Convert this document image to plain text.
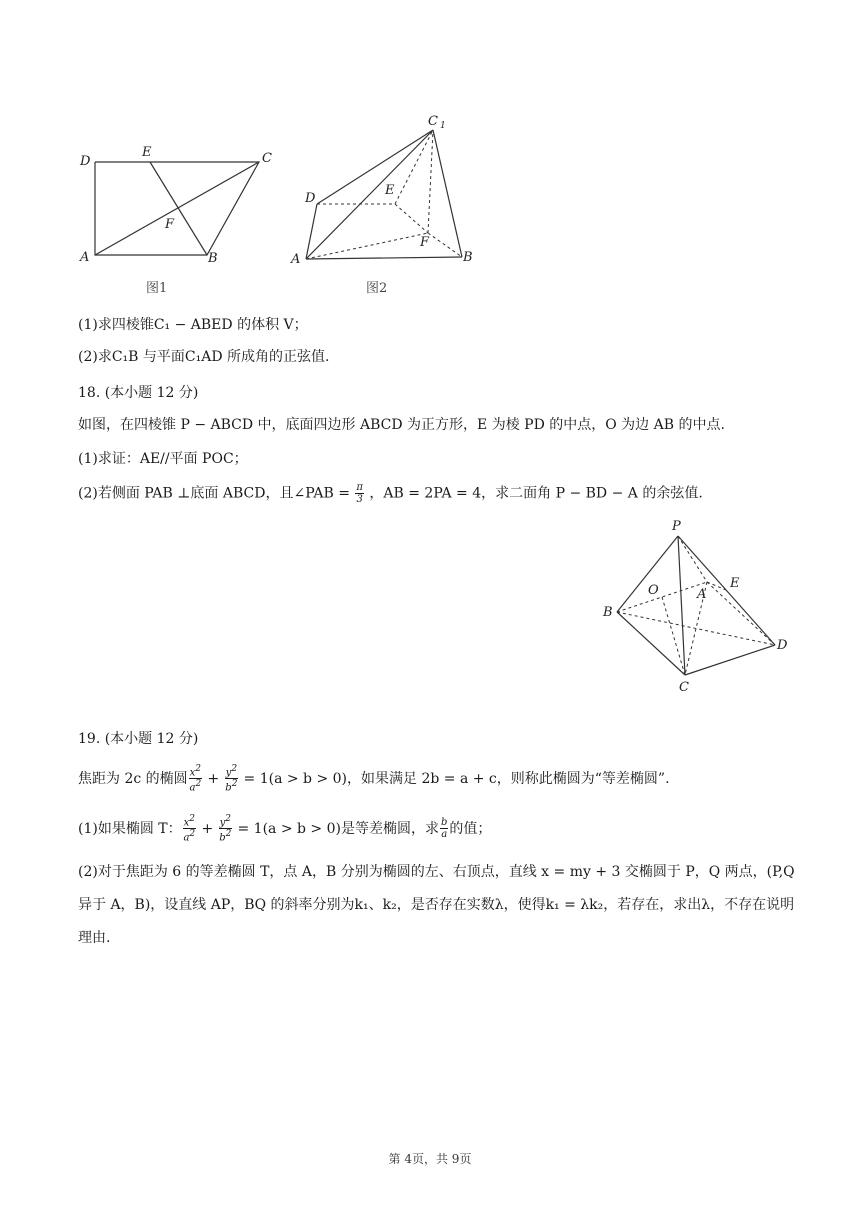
D
E	C
F
A	B
图1
C 1
D
E
F
A	B
图2
(1)求四棱锥C₁ − ABED 的体积 V；
(2)求C₁B 与平面C₁AD 所成角的正弦值.
18. (本小题 12 分)
如图，在四棱锥 P − ABCD 中，底面四边形 ABCD 为正方形，E 为棱 PD 的中点，O 为边 AB 的中点.
(1)求证：AE//平面 POC；
(2)若侧面 PAB ⊥底面 ABCD，且∠PAB = $\frac{\pi}{3}$ ，AB = 2PA = 4，求二面角 P − BD − A 的余弦值.
P
O	A
E
B
D
C
19. (本小题 12 分)
焦距为 2c 的椭圆 $\frac{x^2}{a^2} + \frac{y^2}{b^2} = 1(a > b > 0)$，如果满足 2b = a + c，则称此椭圆为“等差椭圆”.
(1)如果椭圆 T： $\frac{x^2}{a^2} + \frac{y^2}{b^2} = 1(a > b > 0)$是等差椭圆，求 $\frac{b}{a}$ 的值；
(2)对于焦距为 6 的等差椭圆 T，点 A，B 分别为椭圆的左、右顶点，直线 x = my + 3 交椭圆于 P，Q 两点，(P,Q 异于 A，B)，设直线 AP，BQ 的斜率分别为k₁、k₂，是否存在实数λ，使得k₁ = λk₂，若存在，求出λ，不存在说明理由.
第 4页，共 9页
